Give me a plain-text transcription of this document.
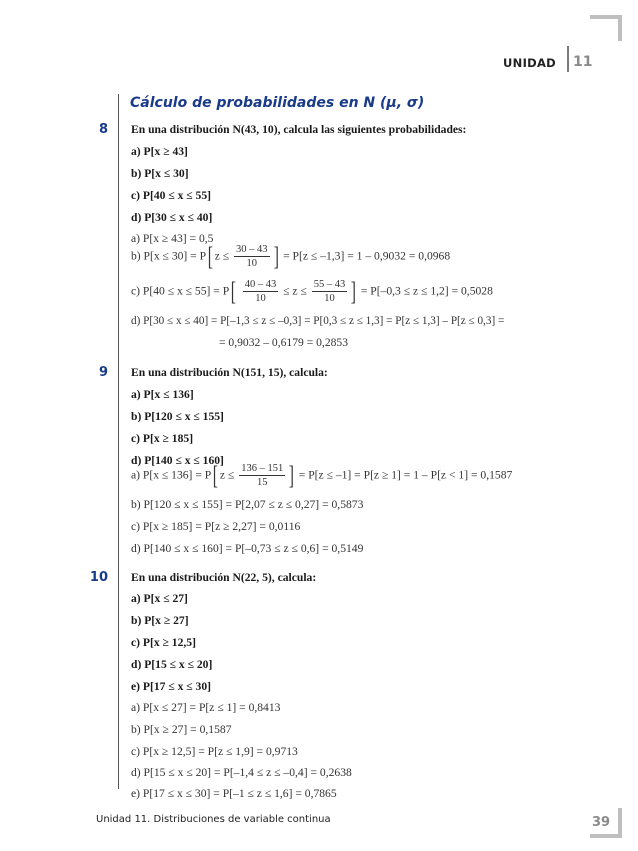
UNIDAD 11
Cálculo de probabilidades en N (μ, σ)
8 En una distribución N(43, 10), calcula las siguientes probabilidades:
a) P[x ≥ 43]
b) P[x ≤ 30]
c) P[40 ≤ x ≤ 55]
d) P[30 ≤ x ≤ 40]
a) P[x ≥ 43] = 0,5
b) P[x ≤ 30] = P[ $z \le \frac{30 - 43}{10}$ ] = P[z ≤ –1,3] = 1 – 0,9032 = 0,0968
c) $P[40 \le x \le 55] = P[ \frac{40 - 43}{10} \le z \le \frac{55 - 43}{10}$ ] = P[–0,3 ≤ z ≤ 1,2] = 0,5028
d) P[30 ≤ x ≤ 40] = P[–1,3 ≤ z ≤ –0,3] = P[0,3 ≤ z ≤ 1,3] = P[z ≤ 1,3] – P[z ≤ 0,3] =
= 0,9032 – 0,6179 = 0,2853
9 En una distribución N(151, 15), calcula:
a) P[x ≤ 136]
b) P[120 ≤ x ≤ 155]
c) P[x ≥ 185]
d) P[140 ≤ x ≤ 160]
a) P[x ≤ 136] = P[ $z \le \frac{136 - 151}{15}$ ] = P[z ≤ –1] = P[z ≥ 1] = 1 – P[z < 1] = 0,1587
b) P[120 ≤ x ≤ 155] = P[2,07 ≤ z ≤ 0,27] = 0,5873
c) P[x ≥ 185] = P[z ≥ 2,27] = 0,0116
d) P[140 ≤ x ≤ 160] = P[–0,73 ≤ z ≤ 0,6] = 0,5149
10 En una distribución N(22, 5), calcula:
a) P[x ≤ 27]
b) P[x ≥ 27]
c) P[x ≥ 12,5]
d) P[15 ≤ x ≤ 20]
e) P[17 ≤ x ≤ 30]
a) P[x ≤ 27] = P[z ≤ 1] = 0,8413
b) P[x ≥ 27] = 0,1587
c) P[x ≥ 12,5] = P[z ≤ 1,9] = 0,9713
d) P[15 ≤ x ≤ 20] = P[–1,4 ≤ z ≤ –0,4] = 0,2638
e) P[17 ≤ x ≤ 30] = P[–1 ≤ z ≤ 1,6] = 0,7865
Unidad 11. Distribuciones de variable continua	39
